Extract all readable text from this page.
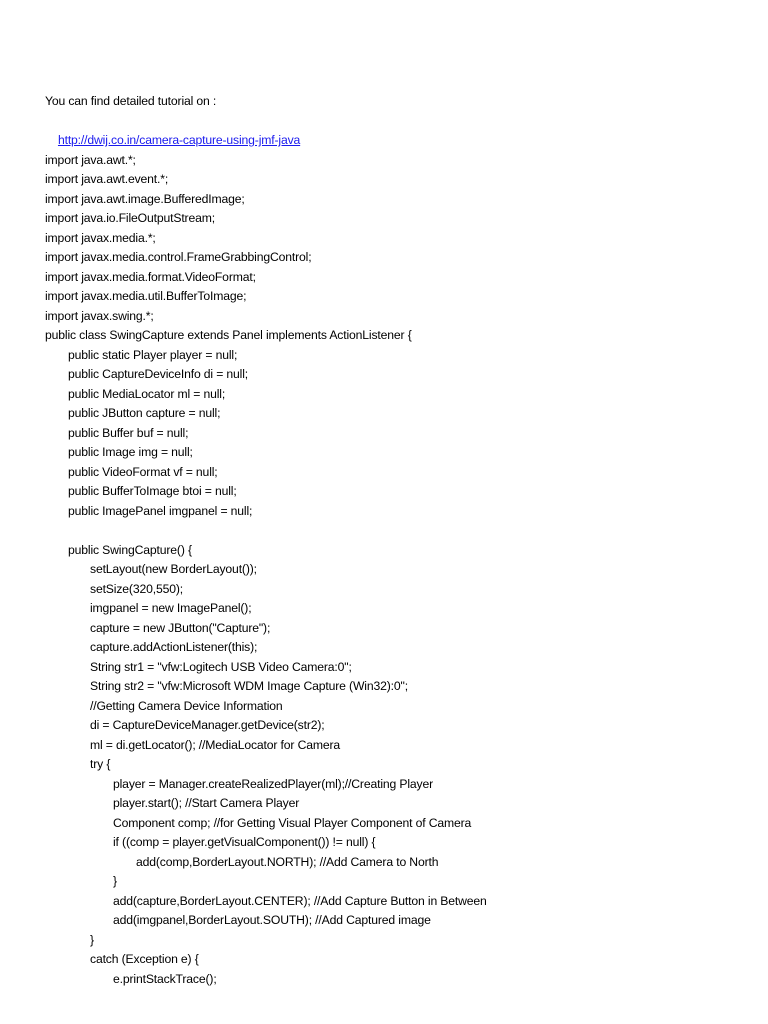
You can find detailed tutorial on :

http://dwij.co.in/camera-capture-using-jmf-java

import java.awt.*;
import java.awt.event.*;
import java.awt.image.BufferedImage;
import java.io.FileOutputStream;
import javax.media.*;
import javax.media.control.FrameGrabbingControl;
import javax.media.format.VideoFormat;
import javax.media.util.BufferToImage;
import javax.swing.*;
public class SwingCapture extends Panel implements ActionListener {
public static Player player = null;
public CaptureDeviceInfo di = null;
public MediaLocator ml = null;
public JButton capture = null;
public Buffer buf = null;
public Image img = null;
public VideoFormat vf = null;
public BufferToImage btoi = null;
public ImagePanel imgpanel = null;
public SwingCapture() {
setLayout(new BorderLayout());
setSize(320,550);
imgpanel = new ImagePanel();
capture = new JButton("Capture");
capture.addActionListener(this);
String str1 = "vfw:Logitech USB Video Camera:0";
String str2 = "vfw:Microsoft WDM Image Capture (Win32):0";
//Getting Camera Device Information
di = CaptureDeviceManager.getDevice(str2);
ml = di.getLocator(); //MediaLocator for Camera
try {
player = Manager.createRealizedPlayer(ml);//Creating Player
player.start(); //Start Camera Player
Component comp; //for Getting Visual Player Component of Camera
if ((comp = player.getVisualComponent()) != null) {
add(comp,BorderLayout.NORTH); //Add Camera to North
}
add(capture,BorderLayout.CENTER); //Add Capture Button in Between
add(imgpanel,BorderLayout.SOUTH); //Add Captured image
}
catch (Exception e) {
e.printStackTrace();
